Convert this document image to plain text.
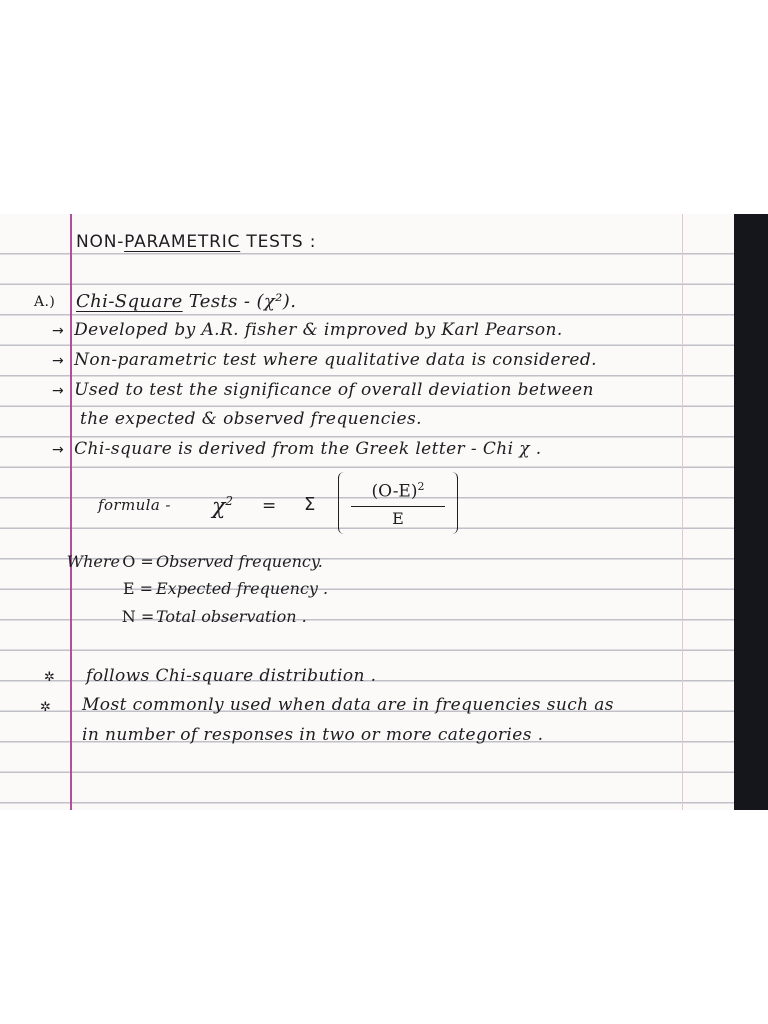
NON-PARAMETRIC TESTS :
A.) Chi-Square Tests - (χ²).
→ Developed by A.R. fisher & improved by Karl Pearson.
→ Non-parametric test where qualitative data is considered.
→ Used to test the significance of overall deviation between
the expected & observed frequencies.
→ Chi-square is derived from the Greek letter - Chi χ .
formula - $\chi^2 = \Sigma$
$(O-E)^2$
E
Where O = Observed frequency.
E = Expected frequency .
N = Total observation .
✲ follows Chi-square distribution .
✲ Most commonly used when data are in frequencies such as
in number of responses in two or more categories .
